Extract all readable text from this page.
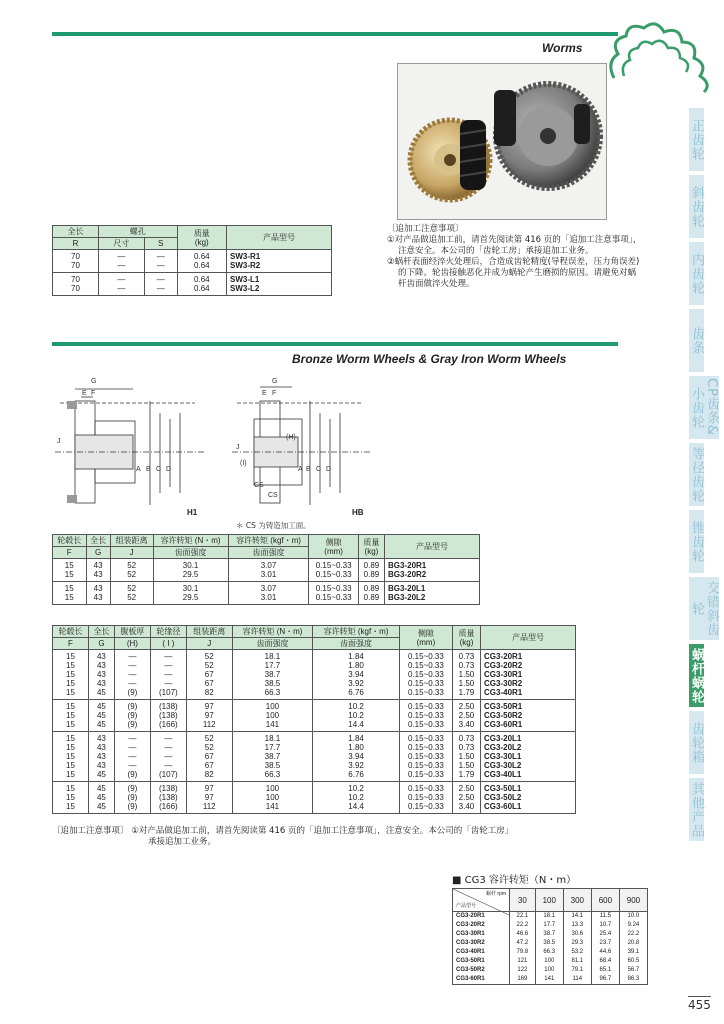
Worms
全长	螺孔		质量
(kg)	产品型号
R	尺寸	S		
70	—	—	0.64	SW3-R1
70	—	—	0.64	SW3-R2
70	—	—	0.64	SW3-L1
70	—	—	0.64	SW3-L2
〔追加工注意事项〕
①对产品做追加工前，请首先阅读第 416 页的「追加工注意事项」，
注意安全。本公司的「齿轮工房」承接追加工业务。
②蜗杆表面经淬火处理后，合造成齿轮精度(导程误差，压力角误差)
的下降。轮齿接触恶化并成为蜗轮产生磨损的原因。请避免对蜗
杆齿面做淬火处理。
Bronze Worm Wheels & Gray Iron Worm Wheels
G
E F
J
A B C D
H1
G
E F
(H)
(I)
J
A B C D
CS
CS
HB
＊ CS 为铸造加工面。
轮毂长	全长	组装距离	容许转矩 (N・m)	容许转矩 (kgf・m)	侧隙
(mm)	质量
(kg)	产品型号
F	G	J	齿面强度	齿面强度			
15	43	52	30.1	3.07	0.15~0.33	0.89	BG3-20R1
15	43	52	29.5	3.01	0.15~0.33	0.89	BG3-20R2
15	43	52	30.1	3.07	0.15~0.33	0.89	BG3-20L1
15	43	52	29.5	3.01	0.15~0.33	0.89	BG3-20L2
轮毂长	全长	腹板厚	轮缘径	组装距离	容许转矩 (N・m)	容许转矩 (kgf・m)	侧隙
(mm)	质量
(kg)	产品型号
F	G	(H)	( I )	J	齿面强度	齿面强度			
15	43	—	—	52	18.1	1.84	0.15~0.33	0.73	CG3-20R1
15	43	—	—	52	17.7	1.80	0.15~0.33	0.73	CG3-20R2
15	43	—	—	67	38.7	3.94	0.15~0.33	1.50	CG3-30R1
15	43	—	—	67	38.5	3.92	0.15~0.33	1.50	CG3-30R2
15	45	(9)	(107)	82	66.3	6.76	0.15~0.33	1.79	CG3-40R1
15	45	(9)	(138)	97	100	10.2	0.15~0.33	2.50	CG3-50R1
15	45	(9)	(138)	97	100	10.2	0.15~0.33	2.50	CG3-50R2
15	45	(9)	(166)	112	141	14.4	0.15~0.33	3.40	CG3-60R1
15	43	—	—	52	18.1	1.84	0.15~0.33	0.73	CG3-20L1
15	43	—	—	52	17.7	1.80	0.15~0.33	0.73	CG3-20L2
15	43	—	—	67	38.7	3.94	0.15~0.33	1.50	CG3-30L1
15	43	—	—	67	38.5	3.92	0.15~0.33	1.50	CG3-30L2
15	45	(9)	(107)	82	66.3	6.76	0.15~0.33	1.79	CG3-40L1
15	45	(9)	(138)	97	100	10.2	0.15~0.33	2.50	CG3-50L1
15	45	(9)	(138)	97	100	10.2	0.15~0.33	2.50	CG3-50L2
15	45	(9)	(166)	112	141	14.4	0.15~0.33	3.40	CG3-60L1
〔追加工注意事项〕 ①对产品做追加工前，请首先阅读第 416 页的「追加工注意事项」，注意安全。本公司的「齿轮工房」
承接追加工业务。
■ CG3 容许转矩（N・m）
蜗杆 rpm
产品型号	30	100	300	600	900
CG3-20R1	22.1	18.1	14.1	11.5	10.0
CG3-20R2	22.2	17.7	13.3	10.7	9.24
CG3-30R1	46.6	38.7	30.6	25.4	22.2
CG3-30R2	47.2	38.5	29.3	23.7	20.8
CG3-40R1	79.8	66.3	53.2	44.6	39.1
CG3-50R1	121	100	81.1	68.4	60.5
CG3-50R2	122	100	79.1	65.1	56.7
CG3-60R1	169	141	114	96.7	86.3
正齿轮
斜齿轮
内齿轮
齿条
CP齿条&小齿轮
等径齿轮
锥齿轮
交错斜齿轮
蜗杆蜗轮
齿轮箱
其他产品
455
